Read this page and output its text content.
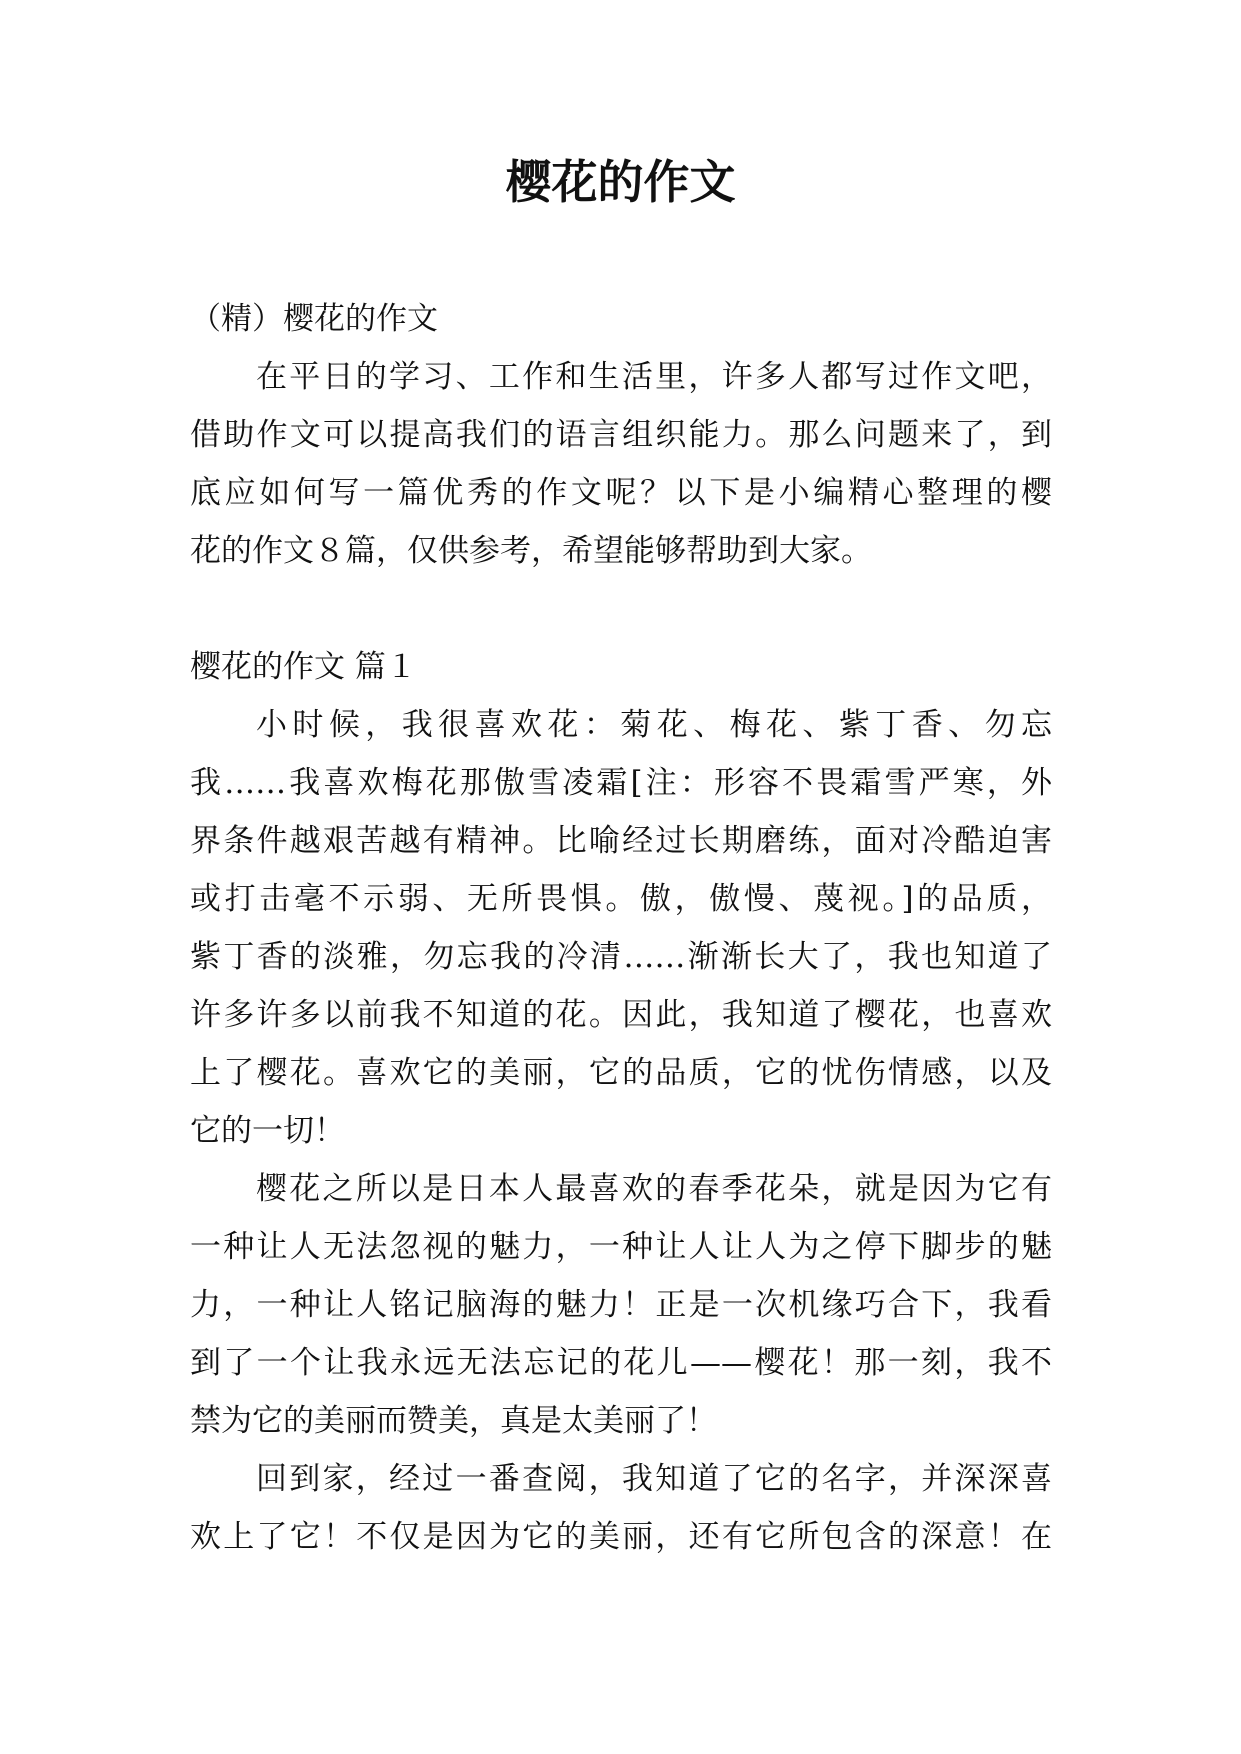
樱花的作文
（精）樱花的作文
在平日的学习、工作和生活里，许多人都写过作文吧，
借助作文可以提高我们的语言组织能力。那么问题来了，到
底应如何写一篇优秀的作文呢？以下是小编精心整理的樱
花的作文８篇，仅供参考，希望能够帮助到大家。
樱花的作文 篇１
小时候，我很喜欢花：菊花、梅花、紫丁香、勿忘
我……我喜欢梅花那傲雪凌霜[注：形容不畏霜雪严寒，外
界条件越艰苦越有精神。比喻经过长期磨练，面对冷酷迫害
或打击毫不示弱、无所畏惧。傲，傲慢、蔑视。]的品质，
紫丁香的淡雅，勿忘我的冷清……渐渐长大了，我也知道了
许多许多以前我不知道的花。因此，我知道了樱花，也喜欢
上了樱花。喜欢它的美丽，它的品质，它的忧伤情感，以及
它的一切！
樱花之所以是日本人最喜欢的春季花朵，就是因为它有
一种让人无法忽视的魅力，一种让人让人为之停下脚步的魅
力，一种让人铭记脑海的魅力！正是一次机缘巧合下，我看
到了一个让我永远无法忘记的花儿——樱花！那一刻，我不
禁为它的美丽而赞美，真是太美丽了！
回到家，经过一番查阅，我知道了它的名字，并深深喜
欢上了它！不仅是因为它的美丽，还有它所包含的深意！在
